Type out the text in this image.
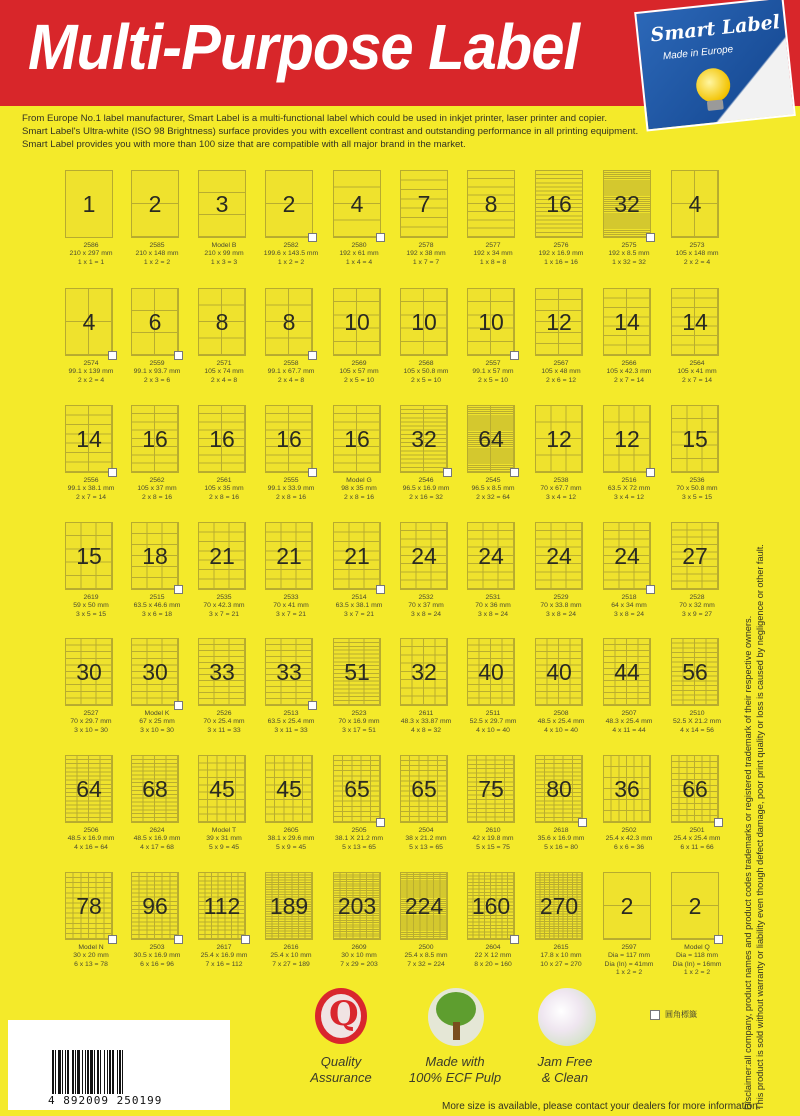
Multi-Purpose Label	Smart Label
Made in Europe

From Europe No.1 label manufacturer, Smart Label is a multi-functional label which could be used in inkjet printer, laser printer and copier.

Smart Label's Ultra-white (ISO 98 Brightness) surface provides you with excellent contrast and outstanding performance in all printing equipment.

Smart Label provides you with more than 100 size that are compatible with all major brand in the market.

1
2586
210 x 297 mm
1 x 1 = 1
2
2585
210 x 148 mm
1 x 2 = 2
3
Model B
210 x 99 mm
1 x 3 = 3
2
2582
199.6 x 143.5 mm
1 x 2 = 2
4
2580
192 x 61 mm
1 x 4 = 4
7
2578
192 x 38 mm
1 x 7 = 7
8
2577
192 x 34 mm
1 x 8 = 8
16
2576
192 x 16.9 mm
1 x 16 = 16
32
2575
192 x 8.5 mm
1 x 32 = 32
4
2573
105 x 148 mm
2 x 2 = 4
4
2574
99.1 x 139 mm
2 x 2 = 4
6
2559
99.1 x 93.7 mm
2 x 3 = 6
8
2571
105 x 74 mm
2 x 4 = 8
8
2558
99.1 x 67.7 mm
2 x 4 = 8
10
2569
105 x 57 mm
2 x 5 = 10
10
2568
105 x 50.8 mm
2 x 5 = 10
10
2557
99.1 x 57 mm
2 x 5 = 10
12
2567
105 x 48 mm
2 x 6 = 12
14
2566
105 x 42.3 mm
2 x 7 = 14
14
2564
105 x 41 mm
2 x 7 = 14
14
2556
99.1 x 38.1 mm
2 x 7 = 14
16
2562
105 x 37 mm
2 x 8 = 16
16
2561
105 x 35 mm
2 x 8 = 16
16
2555
99.1 x 33.9 mm
2 x 8 = 16
16
Model G
98 x 35 mm
2 x 8 = 16
32
2546
96.5 x 16.9 mm
2 x 16 = 32
64
2545
96.5 x 8.5 mm
2 x 32 = 64
12
2538
70 x 67.7 mm
3 x 4 = 12
12
2516
63.5 X 72 mm
3 x 4 = 12
15
2536
70 x 50.8 mm
3 x 5 = 15
15
2619
59 x 50 mm
3 x 5 = 15
18
2515
63.5 x 46.6 mm
3 x 6 = 18
21
2535
70 x 42.3 mm
3 x 7 = 21
21
2533
70 x 41 mm
3 x 7 = 21
21
2514
63.5 x 38.1 mm
3 x 7 = 21
24
2532
70 x 37 mm
3 x 8 = 24
24
2531
70 x 36 mm
3 x 8 = 24
24
2529
70 x 33.8 mm
3 x 8 = 24
24
2518
64 x 34 mm
3 x 8 = 24
27
2528
70 x 32 mm
3 x 9 = 27
30
2527
70 x 29.7 mm
3 x 10 = 30
30
Model K
67 x 25 mm
3 x 10 = 30
33
2526
70 x 25.4 mm
3 x 11 = 33
33
2513
63.5 x 25.4 mm
3 x 11 = 33
51
2523
70 x 16.9 mm
3 x 17 = 51
32
2611
48.3 x 33.87 mm
4 x 8 = 32
40
2511
52.5 x 29.7 mm
4 x 10 = 40
40
2508
48.5 x 25.4 mm
4 x 10 = 40
44
2507
48.3 x 25.4 mm
4 x 11 = 44
56
2510
52.5 X 21.2 mm
4 x 14 = 56
64
2506
48.5 x 16.9 mm
4 x 16 = 64
68
2624
48.5 x 16.9 mm
4 x 17 = 68
45
Model T
39 x 31 mm
5 x 9 = 45
45
2605
38.1 x 29.6 mm
5 x 9 = 45
65
2505
38.1 X 21.2 mm
5 x 13 = 65
65
2504
38 x 21.2 mm
5 x 13 = 65
75
2610
42 x 19.8 mm
5 x 15 = 75
80
2618
35.6 x 16.9 mm
5 x 16 = 80
36
2502
25.4 x 42.3 mm
6 x 6 = 36
66
2501
25.4 x 25.4 mm
6 x 11 = 66
78
Model N
30 x 20 mm
6 x 13 = 78
96
2503
30.5 x 16.9 mm
6 x 16 = 96
112
2617
25.4 x 16.9 mm
7 x 16 = 112
189
2616
25.4 x 10 mm
7 x 27 = 189
203
2609
30 x 10 mm
7 x 29 = 203
224
2500
25.4 x 8.5 mm
7 x 32 = 224
160
2604
22 X 12 mm
8 x 20 = 160
270
2615
17.8 x 10 mm
10 x 27 = 270
2
2597
Dia = 117 mm
Dia (In) = 41mm
1 x 2 = 2
2
Model Q
Dia = 118 mm
Dia (In) = 16mm
1 x 2 = 2
圓角標籤	Disclaimer:all company, product names and product codes trademarks or registered trademark of their respective owners. This product is sold without warranty or liability even though defect damage, poor print quality or loss is caused by negligence or other fault.
Q
Quality
Assurance
Made with
100% ECF Pulp
Jam Free
& Clean
4 892009 250199	More size is available, please contact your dealers for more information.
